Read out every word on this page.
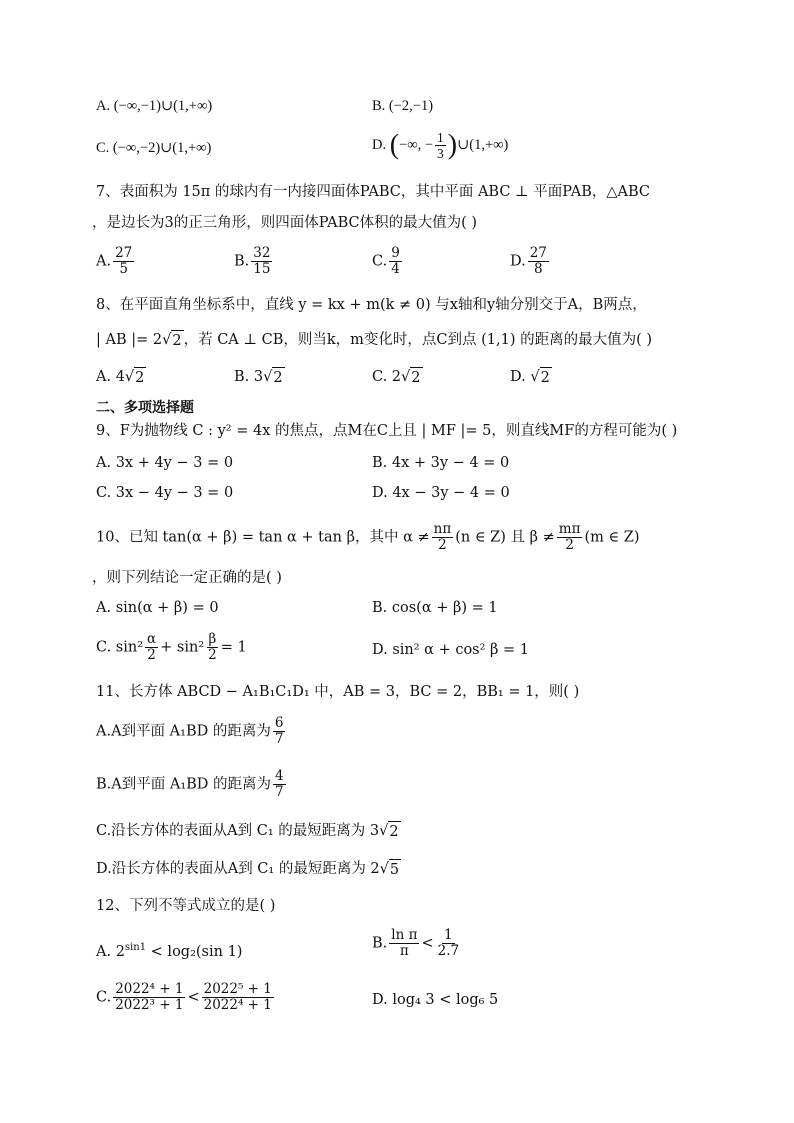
A. (−∞,−1)∪(1,+∞)	B. (−2,−1)
C. (−∞,−2)∪(1,+∞)	D. (−∞, − $\frac{1}{3}$ )∪(1,+∞)
7、表面积为 15π 的球内有一内接四面体PABC，其中平面 ABC ⊥ 平面PAB，△ABC
，是边长为3的正三角形，则四面体PABC体积的最大值为( )
A. $\frac{27}{5}$	B. $\frac{32}{15}$	C. $\frac{9}{4}$	D. $\frac{27}{8}$
8、在平面直角坐标系中，直线 y = kx + m(k ≠ 0) 与x轴和y轴分别交于A，B两点，
| AB |= 2 √ 2 ，若 CA ⊥ CB，则当k，m变化时，点C到点 (1,1) 的距离的最大值为( )
A. 4 √ 2	B. 3 √ 2	C. 2 √ 2	D. √ 2
二、多项选择题
9、F为抛物线 C : y² = 4x 的焦点，点M在C上且 | MF |= 5，则直线MF的方程可能为( )
A. 3x + 4y − 3 = 0	B. 4x + 3y − 4 = 0
C. 3x − 4y − 3 = 0	D. 4x − 3y − 4 = 0
10、已知 tan(α + β) = tan α + tan β，其中 $\alpha \ne \frac{n\pi}{2} (n$ ∈ Z) 且 $\beta \ne \frac{m\pi}{2} (m$ ∈ Z)
，则下列结论一定正确的是( )
A. sin(α + β) = 0	B. cos(α + β) = 1
C. $\sin^2 \frac{\alpha}{2} + \sin^2 \frac{\beta}{2} = 1$	D. sin² α + cos² β = 1
11、长方体 ABCD − A₁B₁C₁D₁ 中，AB = 3，BC = 2，BB₁ = 1，则( )
A.A到平面 A₁BD 的距离为 $\frac{6}{7}$
B.A到平面 A₁BD 的距离为 $\frac{4}{7}$
C.沿长方体的表面从A到 C₁ 的最短距离为 3 √ 2
D.沿长方体的表面从A到 C₁ 的最短距离为 2 √ 5
12、下列不等式成立的是( )
A. $2^{sin1} < \log_2(\sin$ 1)
B. $\frac{\text{ln π}}{\pi} < \frac{1}{2.7}$
C. $\frac{\text{2022⁴ + 1}}{\text{2022³ + 1}} < \frac{\text{2022⁵ + 1}}{\text{2022⁴ + 1}}$	D. log₄ 3 < log₆ 5
